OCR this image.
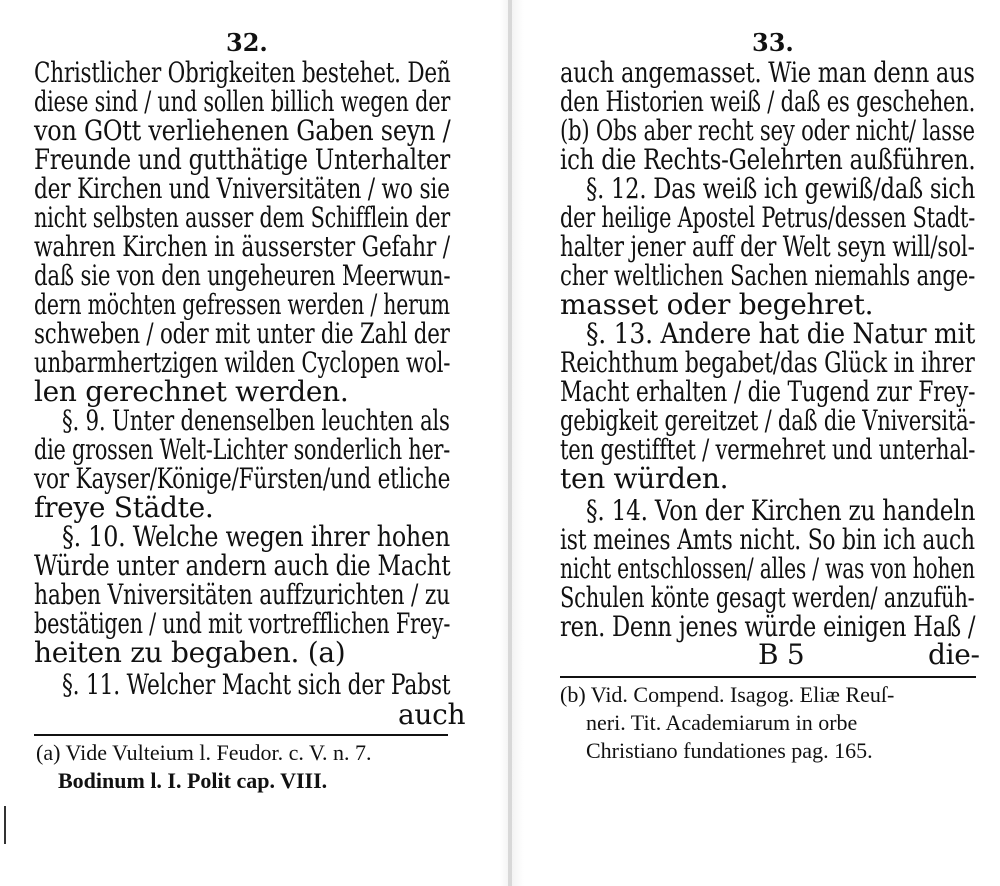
32.
Christlicher Obrigkeiten bestehet. Deñ
diese sind / und sollen billich wegen der
von GOtt verliehenen Gaben seyn /
Freunde und gutthätige Unterhalter
der Kirchen und Vniversitäten / wo sie
nicht selbsten ausser dem Schifflein der
wahren Kirchen in äusserster Gefahr /
daß sie von den ungeheuren Meerwun-
dern möchten gefressen werden / herum
schweben / oder mit unter die Zahl der
unbarmhertzigen wilden Cyclopen wol-
len gerechnet werden.
§. 9. Unter denenselben leuchten als
die grossen Welt-Lichter sonderlich her-
vor Kayser/Könige/Fürsten/und etliche
freye Städte.
§. 10. Welche wegen ihrer hohen
Würde unter andern auch die Macht
haben Vniversitäten auffzurichten / zu
bestätigen / und mit vortrefflichen Frey-
heiten zu begaben. (a)
§. 11. Welcher Macht sich der Pabst
auch
(a) Vide Vulteium l. Feudor. c. V. n. 7.
Bodinum l. I. Polit cap. VIII.
33.
auch angemasset. Wie man denn aus
den Historien weiß / daß es geschehen.
(b) Obs aber recht sey oder nicht/ lasse
ich die Rechts-Gelehrten außführen.
§. 12. Das weiß ich gewiß/daß sich
der heilige Apostel Petrus/dessen Stadt-
halter jener auff der Welt seyn will/sol-
cher weltlichen Sachen niemahls ange-
masset oder begehret.
§. 13. Andere hat die Natur mit
Reichthum begabet/das Glück in ihrer
Macht erhalten / die Tugend zur Frey-
gebigkeit gereitzet / daß die Vniversitä-
ten gestifftet / vermehret und unterhal-
ten würden.
§. 14. Von der Kirchen zu handeln
ist meines Amts nicht. So bin ich auch
nicht entschlossen/ alles / was von hohen
Schulen könte gesagt werden/ anzufüh-
ren. Denn jenes würde einigen Haß /
B 5	die-
(b) Vid. Compend. Isagog. Eliæ Reuſ-
neri. Tit. Academiarum in orbe
Christiano fundationes pag. 165.
